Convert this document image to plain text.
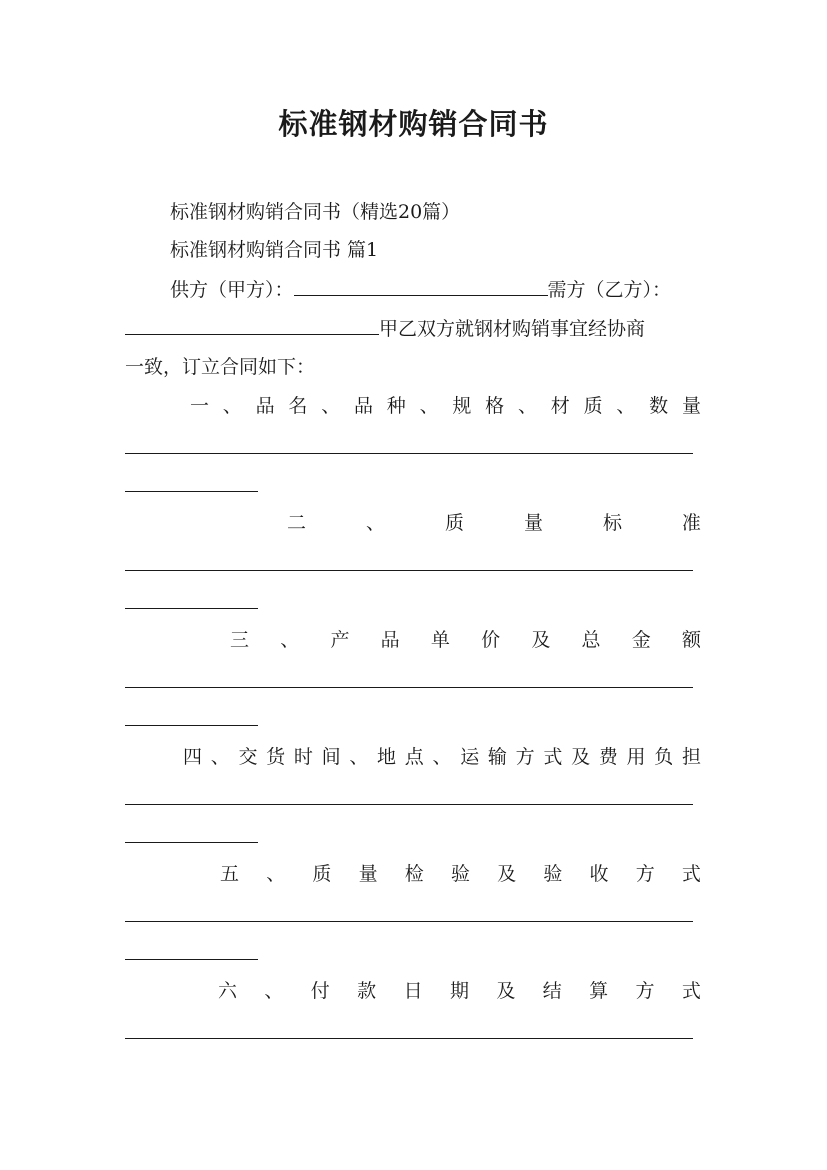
标准钢材购销合同书
标准钢材购销合同书（精选20篇）
标准钢材购销合同书 篇1
供方（甲方）：	需方（乙方）：
甲乙双方就钢材购销事宜经协商
一致，订立合同如下：
一 、 品 名 、 品 种 、 规 格 、 材 质 、 数 量
二	、	质	量	标	准
三 、 产 品 单 价 及 总 金 额
四 、 交 货 时 间 、 地 点 、 运 输 方 式 及 费 用 负 担
五 、 质 量 检 验 及 验 收 方 式
六 、 付 款 日 期 及 结 算 方 式
